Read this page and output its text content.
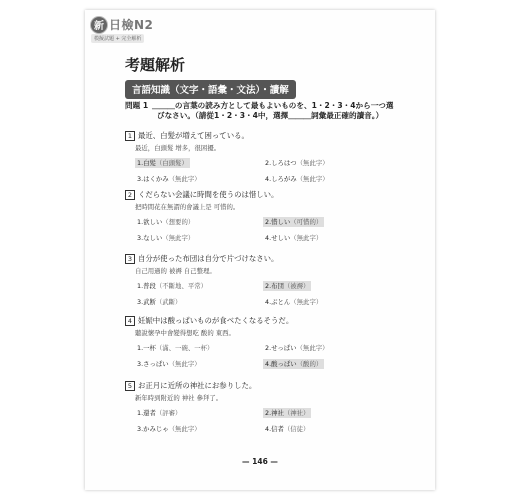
新 日檢N2
模擬試題 + 完全解析
考題解析
言語知識（文字・語彙・文法）・讀解
問題 1 ＿＿＿の言葉の読み方として最もよいものを、1・2・3・4から一つ選
びなさい。（請從1・2・3・4中，選擇＿＿＿詞彙最正確的讀音。）
1 最近、白髪が増えて困っている。
最近，白頭髮 增多，很困擾。
1.白髪（白頭髮）	2.しろはつ（無此字）
3.はくかみ（無此字）	4.しろがみ（無此字）
2 くだらない会議に時間を使うのは惜しい。
把時間花在無謂的會議上是 可惜的。
1.欲しい（想要的）	2.惜しい（可惜的）
3.なしい（無此字）	4.せしい（無此字）
3 自分が使った布団は自分で片づけなさい。
自己用過的 被褥 自己整理。
1.普段（不斷地、平常）	2.布団（被褥）
3.武断（武斷）	4.ぶとん（無此字）
4 妊娠中は酸っぱいものが食べたくなるそうだ。
聽說懷孕中會變得想吃 酸的 東西。
1.一杯（滿、一碗、一杯）	2.せっぱい（無此字）
3.さっぱい（無此字）	4.酸っぱい（酸的）
5 お正月に近所の神社にお参りした。
新年時到附近的 神社 參拜了。
1.還者（評審）	2.神社（神社）
3.かみじゃ（無此字）	4.信者（信徒）
— 146 —
